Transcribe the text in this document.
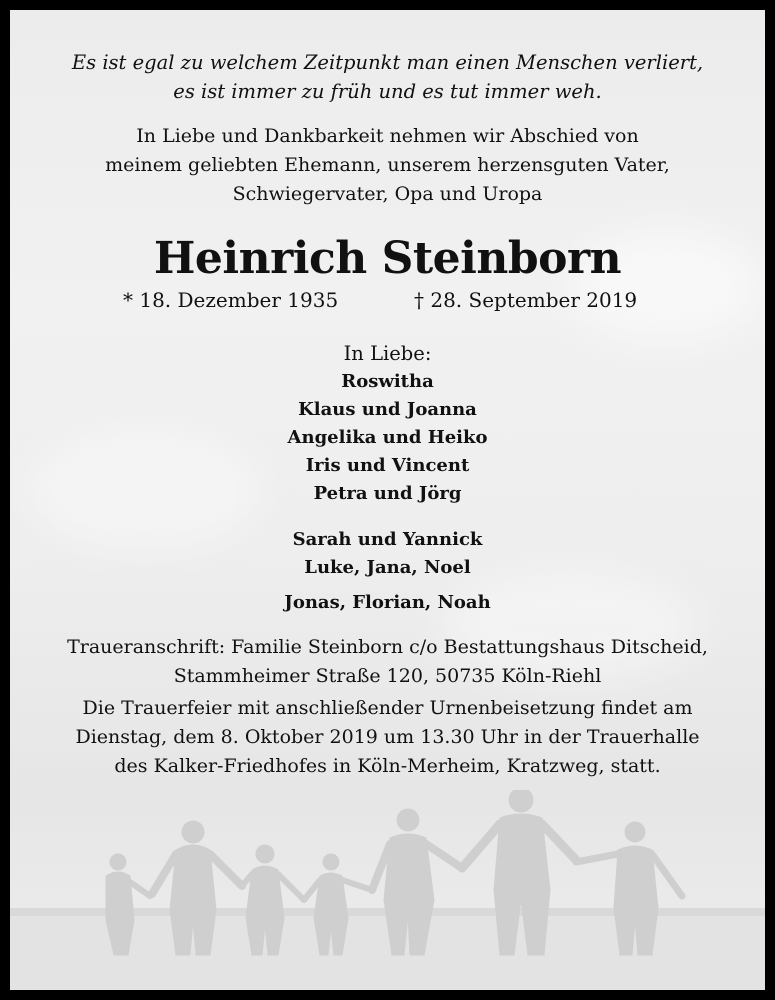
Es ist egal zu welchem Zeitpunkt man einen Menschen verliert,
es ist immer zu früh und es tut immer weh.
In Liebe und Dankbarkeit nehmen wir Abschied von
meinem geliebten Ehemann, unserem herzensguten Vater,
Schwiegervater, Opa und Uropa
Heinrich Steinborn
* 18. Dezember 1935	† 28. September 2019
In Liebe:
Roswitha
Klaus und Joanna
Angelika und Heiko
Iris und Vincent
Petra und Jörg
Sarah und Yannick
Luke, Jana, Noel
Jonas, Florian, Noah
Traueranschrift: Familie Steinborn c/o Bestattungshaus Ditscheid,
Stammheimer Straße 120, 50735 Köln-Riehl
Die Trauerfeier mit anschließender Urnenbeisetzung findet am
Dienstag, dem 8. Oktober 2019 um 13.30 Uhr in der Trauerhalle
des Kalker-Friedhofes in Köln-Merheim, Kratzweg, statt.
